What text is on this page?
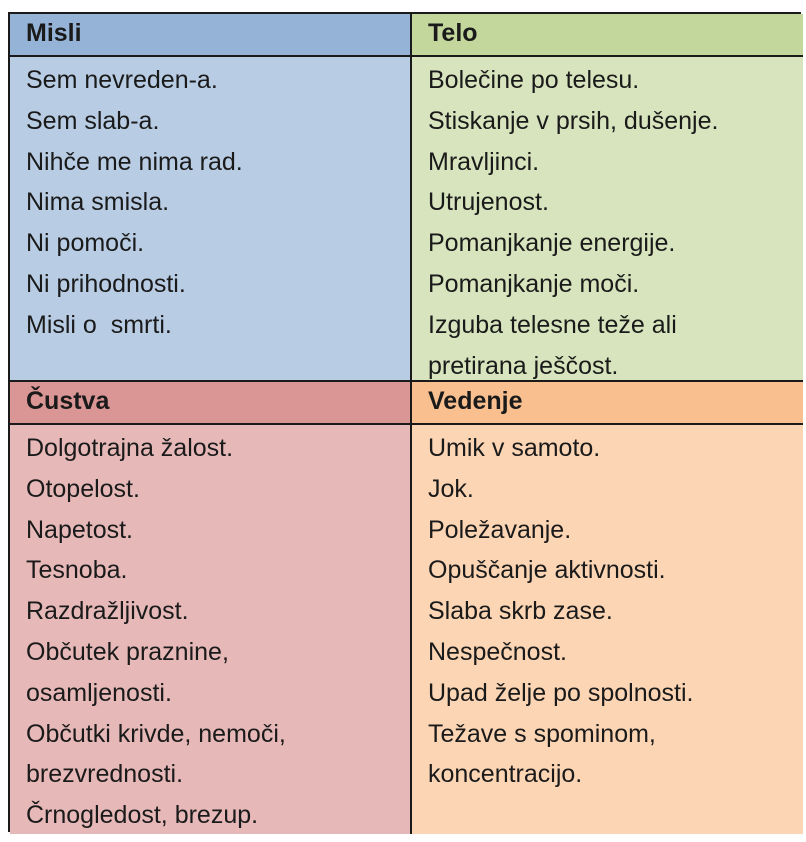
Misli	Telo
Sem nevreden-a.
Sem slab-a.
Nihče me nima rad.
Nima smisla.
Ni pomoči.
Ni prihodnosti.
Misli o  smrti.
Bolečine po telesu.
Stiskanje v prsih, dušenje.
Mravljinci.
Utrujenost.
Pomanjkanje energije.
Pomanjkanje moči.
Izguba telesne teže ali pretirana ješčost.
Čustva	Vedenje
Dolgotrajna žalost.
Otopelost.
Napetost.
Tesnoba.
Razdražljivost.
Občutek praznine, osamljenosti.
Občutki krivde, nemoči, brezvrednosti.
Črnogledost, brezup.
Umik v samoto.
Jok.
Poležavanje.
Opuščanje aktivnosti.
Slaba skrb zase.
Nespečnost.
Upad želje po spolnosti.
Težave s spominom, koncentracijo.
